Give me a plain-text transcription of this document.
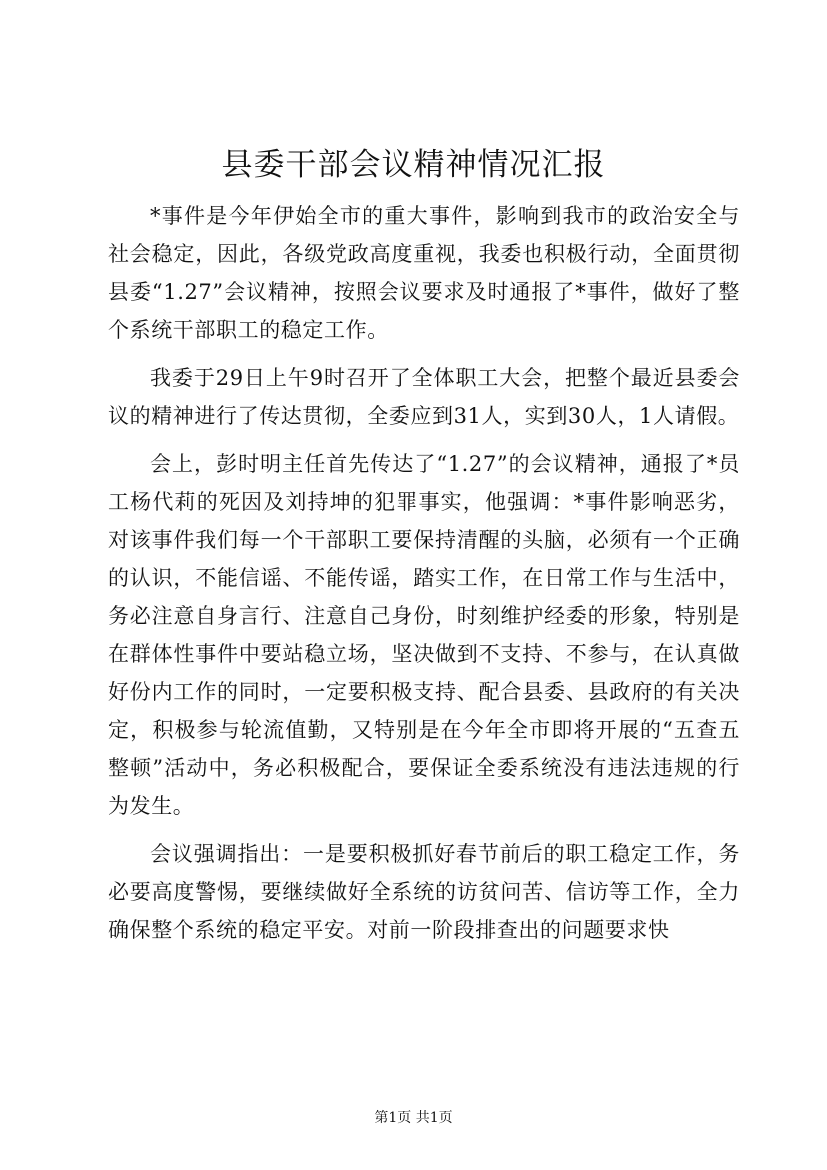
县委干部会议精神情况汇报

*事件是今年伊始全市的重大事件，影响到我市的政治安全与社会稳定，因此，各级党政高度重视，我委也积极行动，全面贯彻县委“1.27”会议精神，按照会议要求及时通报了*事件，做好了整个系统干部职工的稳定工作。

我委于29日上午9时召开了全体职工大会，把整个最近县委会议的精神进行了传达贯彻，全委应到31人，实到30人，1人请假。

会上，彭时明主任首先传达了“1.27”的会议精神，通报了*员工杨代莉的死因及刘持坤的犯罪事实，他强调：*事件影响恶劣，对该事件我们每一个干部职工要保持清醒的头脑，必须有一个正确的认识，不能信谣、不能传谣，踏实工作，在日常工作与生活中，务必注意自身言行、注意自己身份，时刻维护经委的形象，特别是在群体性事件中要站稳立场，坚决做到不支持、不参与，在认真做好份内工作的同时，一定要积极支持、配合县委、县政府的有关决定，积极参与轮流值勤，又特别是在今年全市即将开展的“五查五整顿”活动中，务必积极配合，要保证全委系统没有违法违规的行为发生。

会议强调指出：一是要积极抓好春节前后的职工稳定工作，务必要高度警惕，要继续做好全系统的访贫问苦、信访等工作，全力确保整个系统的稳定平安。对前一阶段排查出的问题要求快

第1页 共1页
